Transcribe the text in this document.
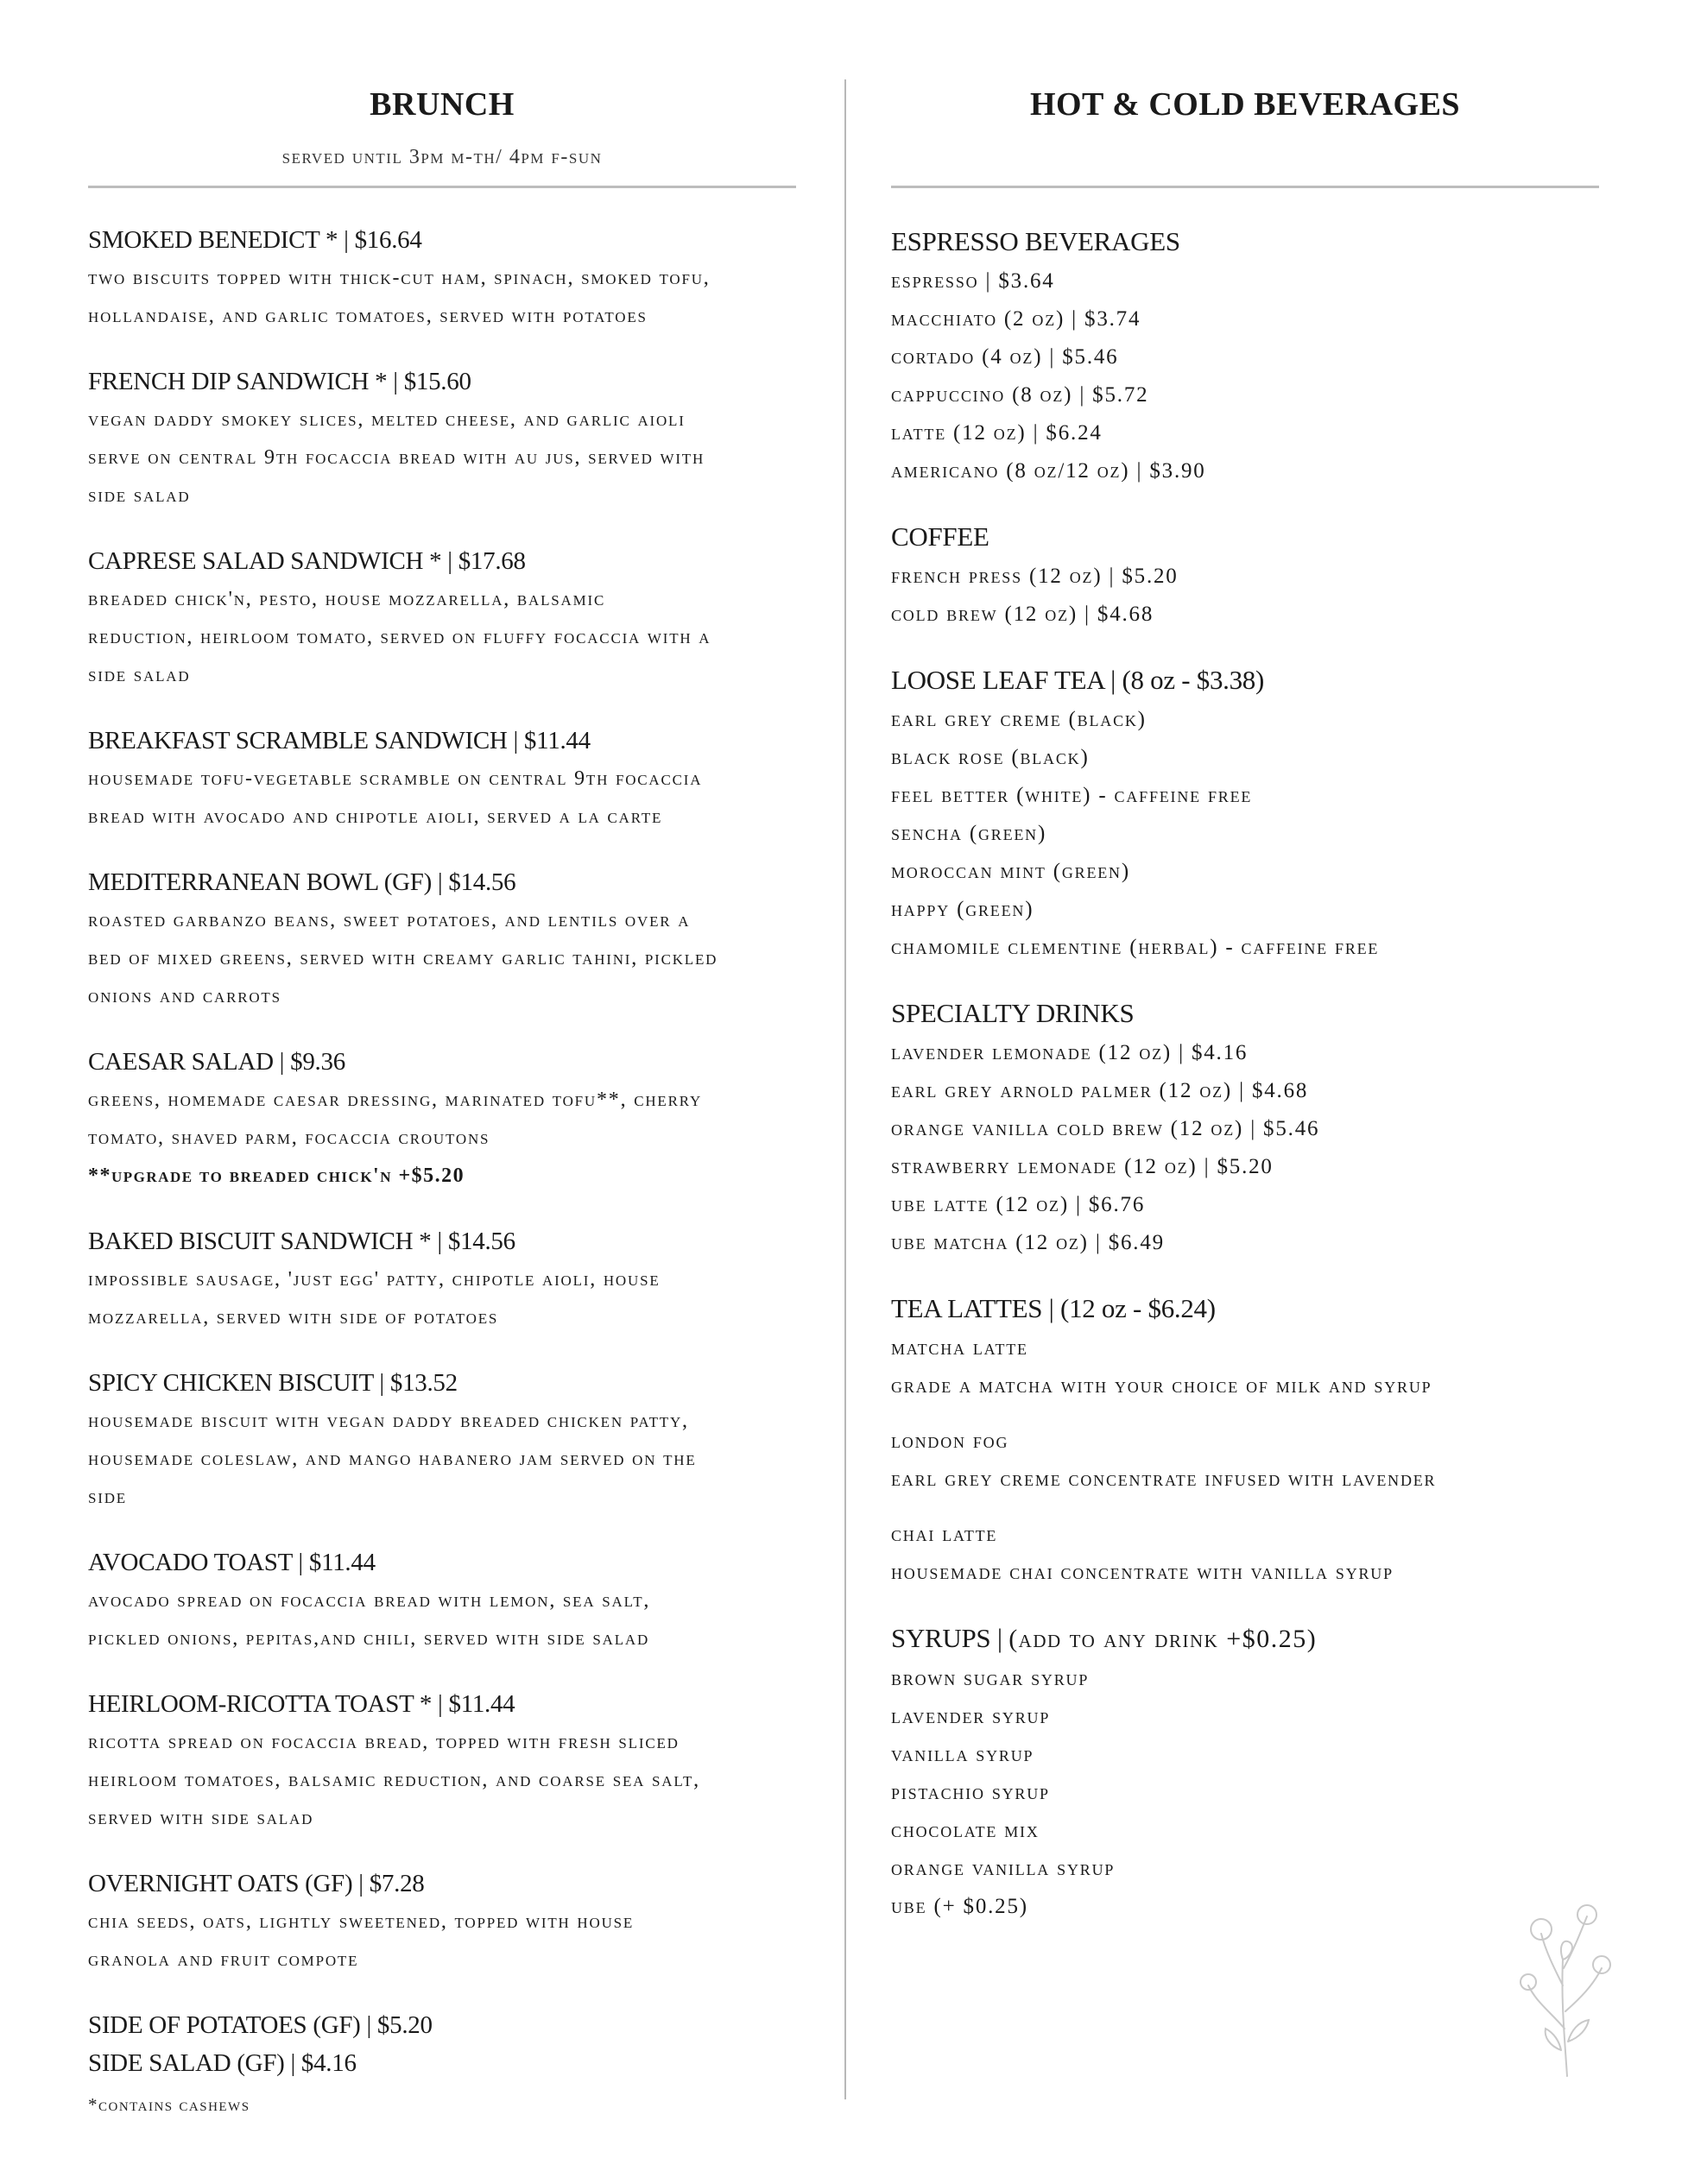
BRUNCH
served until 3pm m-th/ 4pm f-sun
SMOKED BENEDICT * | $16.64
two biscuits topped with thick-cut ham, spinach, smoked tofu,
hollandaise, and garlic tomatoes, served with potatoes
FRENCH DIP SANDWICH * | $15.60
vegan daddy smokey slices, melted cheese, and garlic aioli
serve on central 9th focaccia bread with au jus, served with
side salad
CAPRESE SALAD SANDWICH * | $17.68
breaded chick'n, pesto, house mozzarella, balsamic
reduction, heirloom tomato, served on fluffy focaccia with a
side salad
BREAKFAST SCRAMBLE SANDWICH | $11.44
housemade tofu-vegetable scramble on central 9th focaccia
bread with avocado and chipotle aioli, served a la carte
MEDITERRANEAN BOWL (GF) | $14.56
roasted garbanzo beans, sweet potatoes, and lentils over a
bed of mixed greens, served with creamy garlic tahini, pickled
onions and carrots
CAESAR SALAD | $9.36
greens, homemade caesar dressing, marinated tofu**, cherry
tomato, shaved parm, focaccia croutons
**upgrade to breaded chick'n +$5.20
BAKED BISCUIT SANDWICH * | $14.56
impossible sausage, 'just egg' patty, chipotle aioli, house
mozzarella, served with side of potatoes
SPICY CHICKEN BISCUIT | $13.52
housemade biscuit with vegan daddy breaded chicken patty,
housemade coleslaw, and mango habanero jam served on the
side
AVOCADO TOAST | $11.44
avocado spread on focaccia bread with lemon, sea salt,
pickled onions, pepitas,and chili, served with side salad
HEIRLOOM-RICOTTA TOAST * | $11.44
ricotta spread on focaccia bread, topped with fresh sliced
heirloom tomatoes, balsamic reduction, and coarse sea salt,
served with side salad
OVERNIGHT OATS (GF) | $7.28
chia seeds, oats, lightly sweetened, topped with house
granola and fruit compote
SIDE OF POTATOES (GF) | $5.20
SIDE SALAD (GF) | $4.16
*contains cashews
HOT & COLD BEVERAGES
ESPRESSO BEVERAGES
espresso | $3.64
macchiato (2 oz) | $3.74
cortado (4 oz) | $5.46
cappuccino (8 oz) | $5.72
latte (12 oz) | $6.24
americano (8 oz/12 oz) | $3.90
COFFEE
french press (12 oz) | $5.20
cold brew (12 oz) | $4.68
LOOSE LEAF TEA | (8 oz - $3.38)
earl grey creme (black)
black rose (black)
feel better (white) - caffeine free
sencha (green)
moroccan mint (green)
happy (green)
chamomile clementine (herbal) - caffeine free
SPECIALTY DRINKS
lavender lemonade (12 oz) | $4.16
earl grey arnold palmer (12 oz) | $4.68
orange vanilla cold brew (12 oz) | $5.46
strawberry lemonade (12 oz) | $5.20
ube latte (12 oz) | $6.76
ube matcha (12 oz) | $6.49
TEA LATTES | (12 oz - $6.24)
matcha latte
grade a matcha with your choice of milk and syrup
london fog
earl grey creme concentrate infused with lavender
chai latte
housemade chai concentrate with vanilla syrup
SYRUPS | (add to any drink +$0.25)
brown sugar syrup
lavender syrup
vanilla syrup
pistachio syrup
chocolate mix
orange vanilla syrup
ube (+ $0.25)
